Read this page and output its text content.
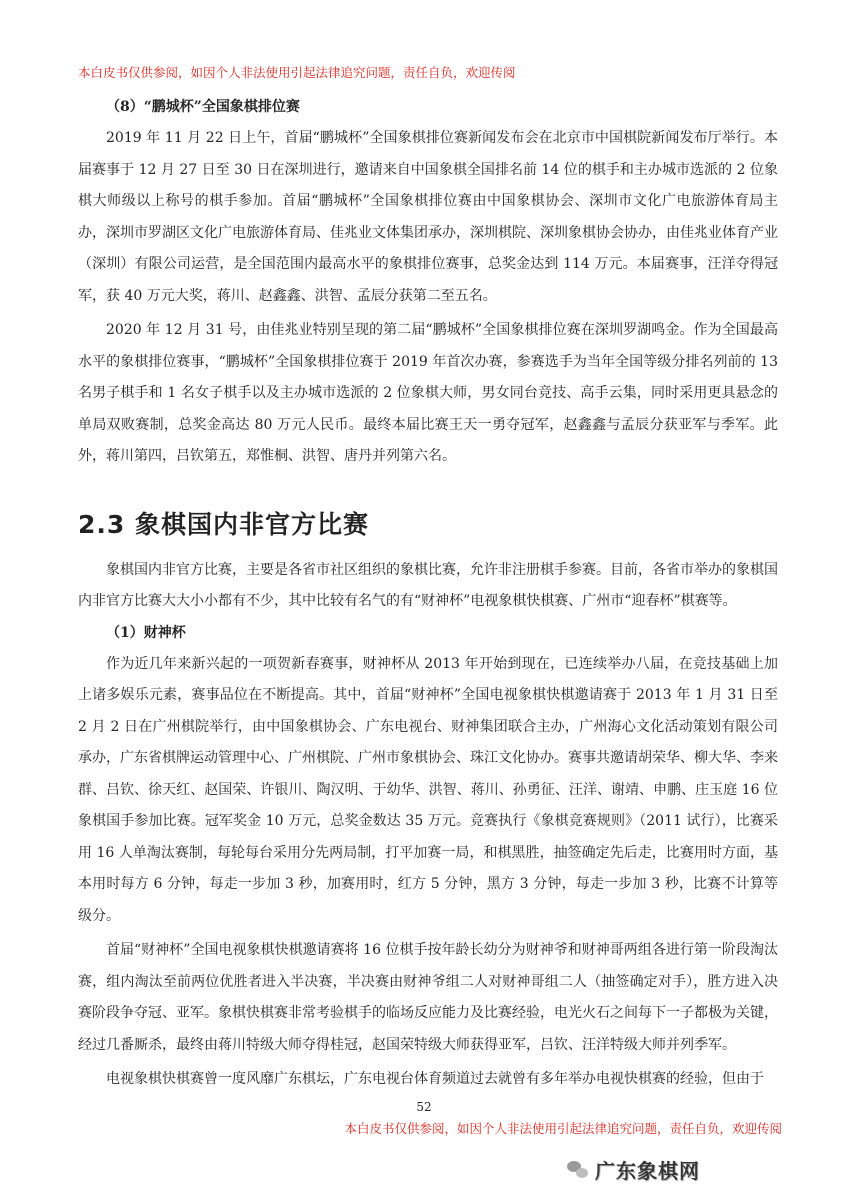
本白皮书仅供参阅，如因个人非法使用引起法律追究问题，责任自负，欢迎传阅
（8）“鹏城杯”全国象棋排位赛

2019 年 11 月 22 日上午，首届“鹏城杯”全国象棋排位赛新闻发布会在北京市中国棋院新闻发布厅举行。本届赛事于 12 月 27 日至 30 日在深圳进行，邀请来自中国象棋全国排名前 14 位的棋手和主办城市选派的 2 位象棋大师级以上称号的棋手参加。首届“鹏城杯”全国象棋排位赛由中国象棋协会、深圳市文化广电旅游体育局主办，深圳市罗湖区文化广电旅游体育局、佳兆业文体集团承办，深圳棋院、深圳象棋协会协办，由佳兆业体育产业（深圳）有限公司运营，是全国范围内最高水平的象棋排位赛事，总奖金达到 114 万元。本届赛事，汪洋夺得冠军，获 40 万元大奖，蒋川、赵鑫鑫、洪智、孟辰分获第二至五名。

2020 年 12 月 31 号，由佳兆业特别呈现的第二届“鹏城杯”全国象棋排位赛在深圳罗湖鸣金。作为全国最高水平的象棋排位赛事，“鹏城杯”全国象棋排位赛于 2019 年首次办赛，参赛选手为当年全国等级分排名列前的 13 名男子棋手和 1 名女子棋手以及主办城市选派的 2 位象棋大师，男女同台竞技、高手云集，同时采用更具悬念的单局双败赛制，总奖金高达 80 万元人民币。最终本届比赛王天一勇夺冠军，赵鑫鑫与孟辰分获亚军与季军。此外，蒋川第四，吕钦第五，郑惟桐、洪智、唐丹并列第六名。

2.3 象棋国内非官方比赛

象棋国内非官方比赛，主要是各省市社区组织的象棋比赛，允许非注册棋手参赛。目前，各省市举办的象棋国内非官方比赛大大小小都有不少，其中比较有名气的有“财神杯”电视象棋快棋赛、广州市“迎春杯”棋赛等。

（1）财神杯

作为近几年来新兴起的一项贺新春赛事，财神杯从 2013 年开始到现在，已连续举办八届，在竞技基础上加上诸多娱乐元素，赛事品位在不断提高。其中，首届“财神杯”全国电视象棋快棋邀请赛于 2013 年 1 月 31 日至 2 月 2 日在广州棋院举行，由中国象棋协会、广东电视台、财神集团联合主办，广州海心文化活动策划有限公司承办，广东省棋牌运动管理中心、广州棋院、广州市象棋协会、珠江文化协办。赛事共邀请胡荣华、柳大华、李来群、吕钦、徐天红、赵国荣、许银川、陶汉明、于幼华、洪智、蒋川、孙勇征、汪洋、谢靖、申鹏、庄玉庭 16 位象棋国手参加比赛。冠军奖金 10 万元，总奖金数达 35 万元。竞赛执行《象棋竞赛规则》（2011 试行），比赛采用 16 人单淘汰赛制，每轮每台采用分先两局制，打平加赛一局，和棋黑胜，抽签确定先后走，比赛用时方面，基本用时每方 6 分钟，每走一步加 3 秒，加赛用时，红方 5 分钟，黑方 3 分钟，每走一步加 3 秒，比赛不计算等级分。

首届“财神杯”全国电视象棋快棋邀请赛将 16 位棋手按年龄长幼分为财神爷和财神哥两组各进行第一阶段淘汰赛，组内淘汰至前两位优胜者进入半决赛，半决赛由财神爷组二人对财神哥组二人（抽签确定对手），胜方进入决赛阶段争夺冠、亚军。象棋快棋赛非常考验棋手的临场反应能力及比赛经验，电光火石之间每下一子都极为关键，经过几番厮杀，最终由蒋川特级大师夺得桂冠，赵国荣特级大师获得亚军，吕钦、汪洋特级大师并列季军。

电视象棋快棋赛曾一度风靡广东棋坛，广东电视台体育频道过去就曾有多年举办电视快棋赛的经验，但由于

52
本白皮书仅供参阅，如因个人非法使用引起法律追究问题，责任自负，欢迎传阅
广东象棋网
